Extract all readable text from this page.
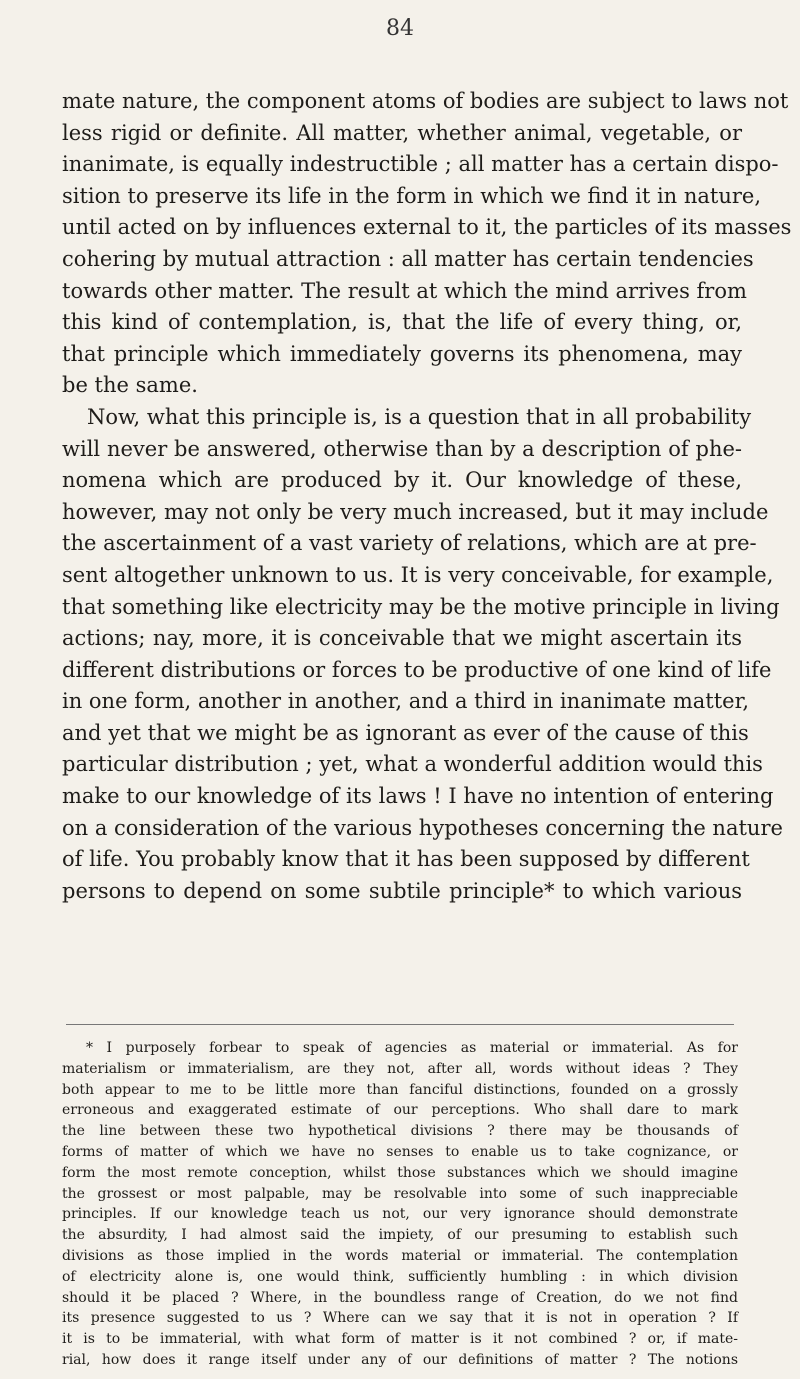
84
mate nature, the component atoms of bodies are subject to laws not
less rigid or definite. All matter, whether animal, vegetable, or
inanimate, is equally indestructible ; all matter has a certain dispo-
sition to preserve its life in the form in which we find it in nature,
until acted on by influences external to it, the particles of its masses
cohering by mutual attraction : all matter has certain tendencies
towards other matter. The result at which the mind arrives from
this kind of contemplation, is, that the life of every thing, or,
that principle which immediately governs its phenomena, may
be the same.
Now, what this principle is, is a question that in all probability
will never be answered, otherwise than by a description of phe-
nomena which are produced by it. Our knowledge of these,
however, may not only be very much increased, but it may include
the ascertainment of a vast variety of relations, which are at pre-
sent altogether unknown to us. It is very conceivable, for example,
that something like electricity may be the motive principle in living
actions; nay, more, it is conceivable that we might ascertain its
different distributions or forces to be productive of one kind of life
in one form, another in another, and a third in inanimate matter,
and yet that we might be as ignorant as ever of the cause of this
particular distribution ; yet, what a wonderful addition would this
make to our knowledge of its laws ! I have no intention of entering
on a consideration of the various hypotheses concerning the nature
of life. You probably know that it has been supposed by different
persons to depend on some subtile principle* to which various
* I purposely forbear to speak of agencies as material or immaterial. As for
materialism or immaterialism, are they not, after all, words without ideas ? They
both appear to me to be little more than fanciful distinctions, founded on a grossly
erroneous and exaggerated estimate of our perceptions. Who shall dare to mark
the line between these two hypothetical divisions ? there may be thousands of
forms of matter of which we have no senses to enable us to take cognizance, or
form the most remote conception, whilst those substances which we should imagine
the grossest or most palpable, may be resolvable into some of such inappreciable
principles. If our knowledge teach us not, our very ignorance should demonstrate
the absurdity, I had almost said the impiety, of our presuming to establish such
divisions as those implied in the words material or immaterial. The contemplation
of electricity alone is, one would think, sufficiently humbling : in which division
should it be placed ? Where, in the boundless range of Creation, do we not find
its presence suggested to us ? Where can we say that it is not in operation ? If
it is to be immaterial, with what form of matter is it not combined ? or, if mate-
rial, how does it range itself under any of our definitions of matter ? The notions
